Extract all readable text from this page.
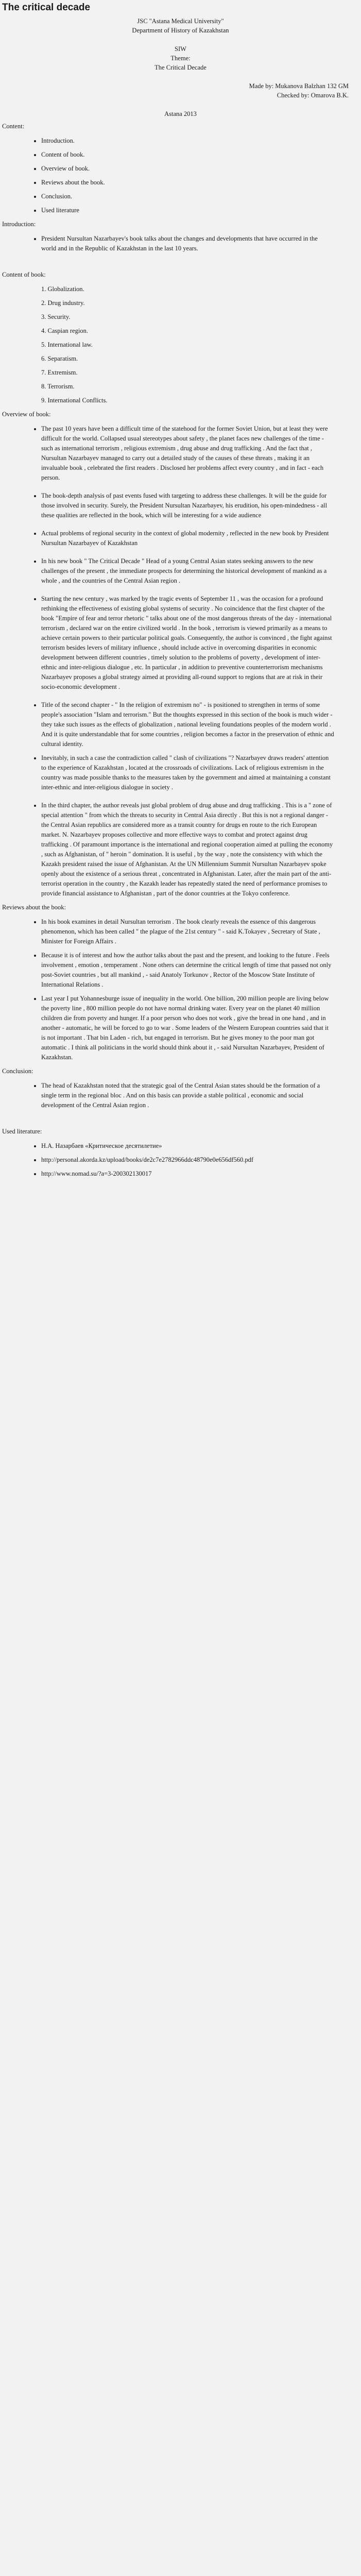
The critical decade
JSC "Astana Medical University"
Department of History of Kazakhstan
SIW
Theme:
The Critical Decade
Made by: Mukanova Balzhan 132 GM
Checked by: Omarova B.K.
Astana 2013
Content:
• Introduction.
• Content of book.
• Overview of book.
• Reviews about the book.
• Conclusion.
• Used literature
Introduction:
• President Nursultan Nazarbayev's book talks about the changes and developments that have occurred in the world and in the Republic of Kazakhstan in the last 10 years.
Content of book:
1. Globalization.
2. Drug industry.
3. Security.
4. Caspian region.
5. International law.
6. Separatism.
7. Extremism.
8. Terrorism.
9. International Conflicts.
Overview of book:
• The past 10 years have been a difficult time of the statehood for the former Soviet Union, but at least they were difficult for the world. Collapsed usual stereotypes about safety , the planet faces new challenges of the time - such as international terrorism , religious extremism , drug abuse and drug trafficking . And the fact that , Nursultan Nazarbayev managed to carry out a detailed study of the causes of these threats , making it an invaluable book , celebrated the first readers . Disclosed her problems affect every country , and in fact - each person.
• The book-depth analysis of past events fused with targeting to address these challenges. It will be the guide for those involved in security. Surely, the President Nursultan Nazarbayev, his erudition, his open-mindedness - all these qualities are reflected in the book, which will be interesting for a wide audience
• Actual problems of regional security in the context of global modernity , reflected in the new book by President Nursultan Nazarbayev of Kazakhstan
• In his new book " The Critical Decade " Head of a young Central Asian states seeking answers to the new challenges of the present , the immediate prospects for determining the historical development of mankind as a whole , and the countries of the Central Asian region .
• Starting the new century , was marked by the tragic events of September 11 , was the occasion for a profound rethinking the effectiveness of existing global systems of security . No coincidence that the first chapter of the book "Empire of fear and terror rhetoric " talks about one of the most dangerous threats of the day - international terrorism , declared war on the entire civilized world . In the book , terrorism is viewed primarily as a means to achieve certain powers to their particular political goals. Consequently, the author is convinced , the fight against terrorism besides levers of military influence , should include active in overcoming disparities in economic development between different countries , timely solution to the problems of poverty , development of inter-ethnic and inter-religious dialogue , etc. In particular , in addition to preventive counterterrorism mechanisms Nazarbayev proposes a global strategy aimed at providing all-round support to regions that are at risk in their socio-economic development .
• Title of the second chapter - " In the religion of extremism no" - is positioned to strengthen in terms of some people's association "Islam and terrorism." But the thoughts expressed in this section of the book is much wider - they take such issues as the effects of globalization , national leveling foundations peoples of the modern world . And it is quite understandable that for some countries , religion becomes a factor in the preservation of ethnic and cultural identity.
• Inevitably, in such a case the contradiction called " clash of civilizations "? Nazarbayev draws readers' attention to the experience of Kazakhstan , located at the crossroads of civilizations. Lack of religious extremism in the country was made possible thanks to the measures taken by the government and aimed at maintaining a constant inter-ethnic and inter-religious dialogue in society .
• In the third chapter, the author reveals just global problem of drug abuse and drug trafficking . This is a " zone of special attention " from which the threats to security in Central Asia directly . But this is not a regional danger - the Central Asian republics are considered more as a transit country for drugs en route to the rich European market. N. Nazarbayev proposes collective and more effective ways to combat and protect against drug trafficking . Of paramount importance is the international and regional cooperation aimed at pulling the economy , such as Afghanistan, of " heroin " domination. It is useful , by the way , note the consistency with which the Kazakh president raised the issue of Afghanistan. At the UN Millennium Summit Nursultan Nazarbayev spoke openly about the existence of a serious threat , concentrated in Afghanistan. Later, after the main part of the anti-terrorist operation in the country , the Kazakh leader has repeatedly stated the need of performance promises to provide financial assistance to Afghanistan , part of the donor countries at the Tokyo conference.
Reviews about the book:
• In his book examines in detail Nursultan terrorism . The book clearly reveals the essence of this dangerous phenomenon, which has been called " the plague of the 21st century " - said K.Tokayev , Secretary of State , Minister for Foreign Affairs .
• Because it is of interest and how the author talks about the past and the present, and looking to the future . Feels involvement , emotion , temperament . None others can determine the critical length of time that passed not only post-Soviet countries , but all mankind , - said Anatoly Torkunov , Rector of the Moscow State Institute of International Relations .
• Last year I put Yohannesburge issue of inequality in the world. One billion, 200 million people are living below the poverty line , 800 million people do not have normal drinking water. Every year on the planet 40 million children die from poverty and hunger. If a poor person who does not work , give the bread in one hand , and in another - automatic, he will be forced to go to war . Some leaders of the Western European countries said that it is not important . That bin Laden - rich, but engaged in terrorism. But he gives money to the poor man got automatic . I think all politicians in the world should think about it , - said Nursultan Nazarbayev, President of Kazakhstan.
Conclusion:
• The head of Kazakhstan noted that the strategic goal of the Central Asian states should be the formation of a single term in the regional bloc . And on this basis can provide a stable political , economic and social development of the Central Asian region .
Used literature:
• Н.А. Назарбаев «Критическое десятилетие»
• http://personal.akorda.kz/upload/books/de2c7e2782966ddc48790e0e656df560.pdf
• http://www.nomad.su/?a=3-200302130017
